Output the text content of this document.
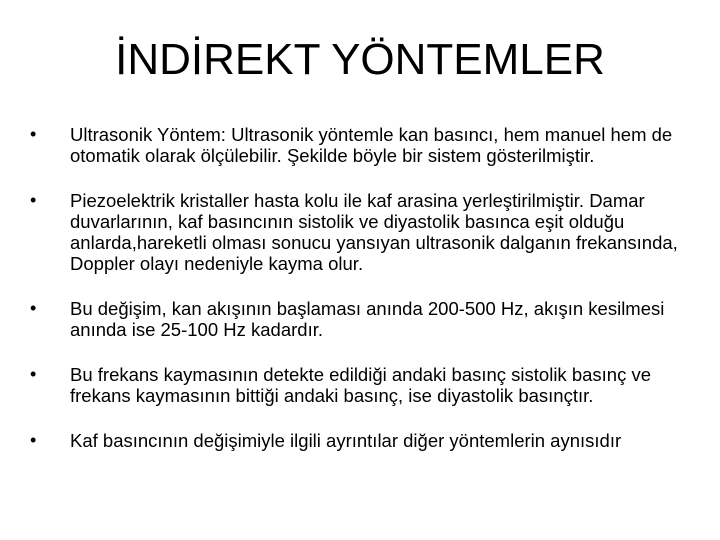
İNDİREKT YÖNTEMLER
•	Ultrasonik Yöntem: Ultrasonik yöntemle kan basıncı, hem manuel hem de otomatik olarak ölçülebilir. Şekilde böyle bir sistem gösterilmiştir.
•	Piezoelektrik kristaller hasta kolu ile kaf arasina yerleştirilmiştir. Damar duvarlarının, kaf basıncının sistolik ve diyastolik basınca eşit olduğu anlarda,hareketli olması sonucu yansıyan ultrasonik dalganın frekansında, Doppler olayı nedeniyle kayma olur.
•	Bu değişim, kan akışının başlaması anında 200-500 Hz, akışın kesilmesi anında ise 25-100 Hz kadardır.
•	Bu frekans kaymasının detekte edildiği andaki basınç sistolik basınç ve frekans kaymasının bittiği andaki basınç, ise diyastolik basınçtır.
•	Kaf basıncının değişimiyle ilgili ayrıntılar diğer yöntemlerin aynısıdır
